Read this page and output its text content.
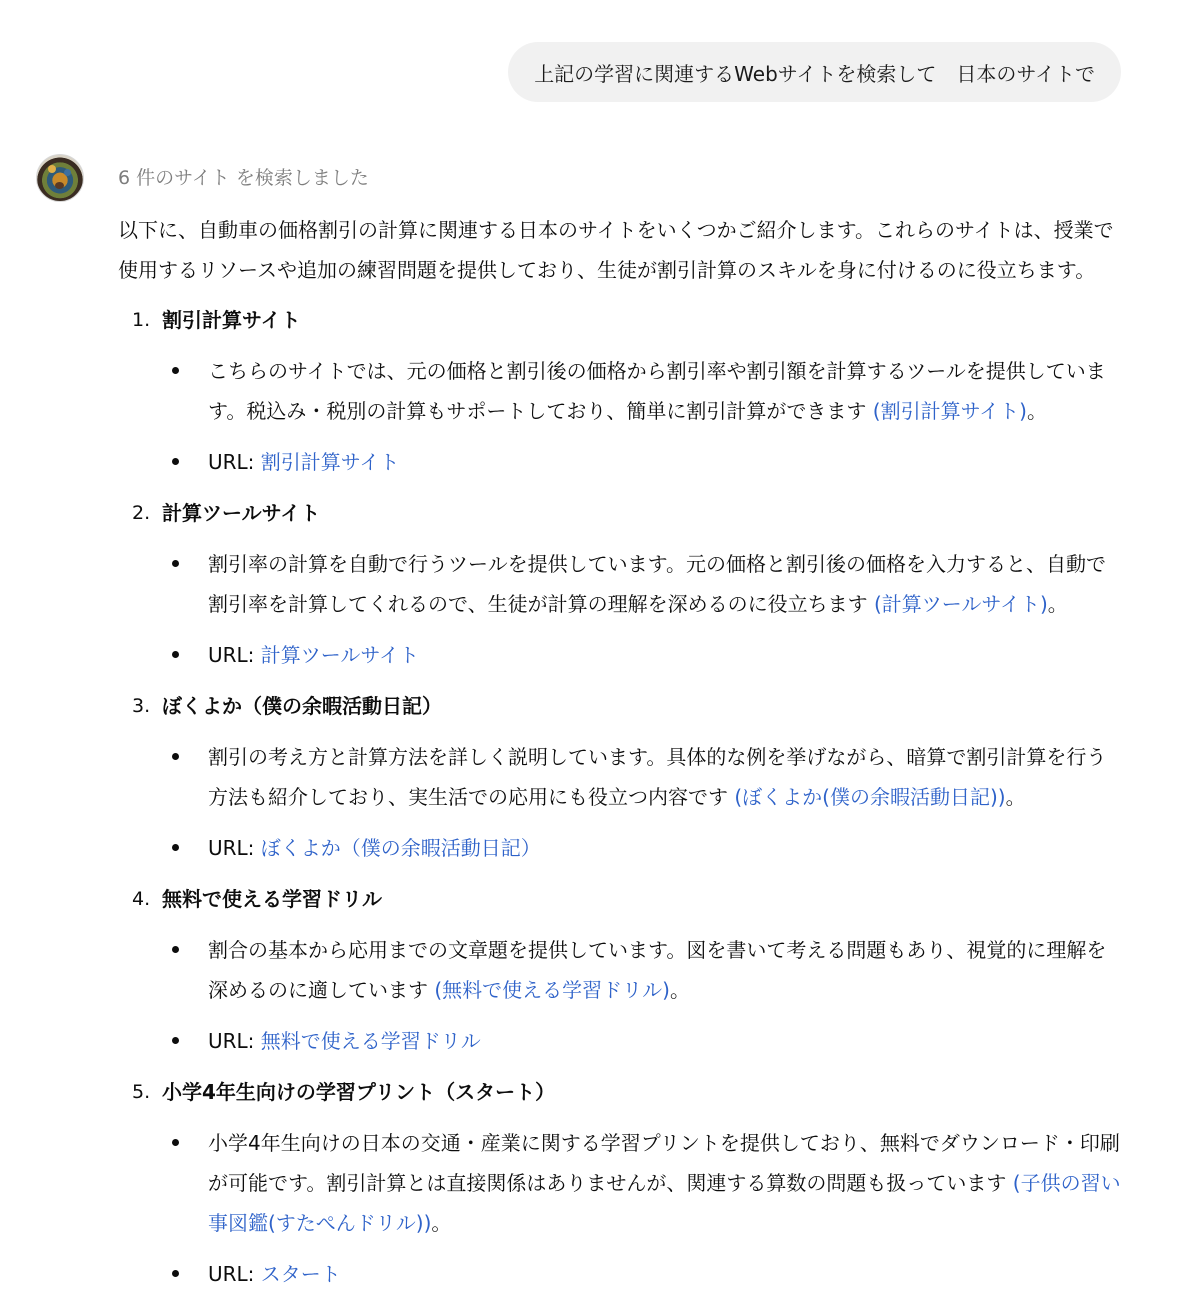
上記の学習に関連するWebサイトを検索して　日本のサイトで
6 件のサイト を検索しました
以下に、自動車の価格割引の計算に関連する日本のサイトをいくつかご紹介します。これらのサイトは、授業で使用するリソースや追加の練習問題を提供しており、生徒が割引計算のスキルを身に付けるのに役立ちます。
1. 割引計算サイト
こちらのサイトでは、元の価格と割引後の価格から割引率や割引額を計算するツールを提供しています。税込み・税別の計算もサポートしており、簡単に割引計算ができます (割引計算サイト)。
URL: 割引計算サイト
2. 計算ツールサイト
割引率の計算を自動で行うツールを提供しています。元の価格と割引後の価格を入力すると、自動で割引率を計算してくれるので、生徒が計算の理解を深めるのに役立ちます (計算ツールサイト)。
URL: 計算ツールサイト
3. ぼくよか（僕の余暇活動日記）
割引の考え方と計算方法を詳しく説明しています。具体的な例を挙げながら、暗算で割引計算を行う方法も紹介しており、実生活での応用にも役立つ内容です (ぼくよか(僕の余暇活動日記))。
URL: ぼくよか（僕の余暇活動日記）
4. 無料で使える学習ドリル
割合の基本から応用までの文章題を提供しています。図を書いて考える問題もあり、視覚的に理解を深めるのに適しています (無料で使える学習ドリル)。
URL: 無料で使える学習ドリル
5. 小学4年生向けの学習プリント（スタート）
小学4年生向けの日本の交通・産業に関する学習プリントを提供しており、無料でダウンロード・印刷が可能です。割引計算とは直接関係はありませんが、関連する算数の問題も扱っています (子供の習い事図鑑(すたぺんドリル))。
URL: スタート
